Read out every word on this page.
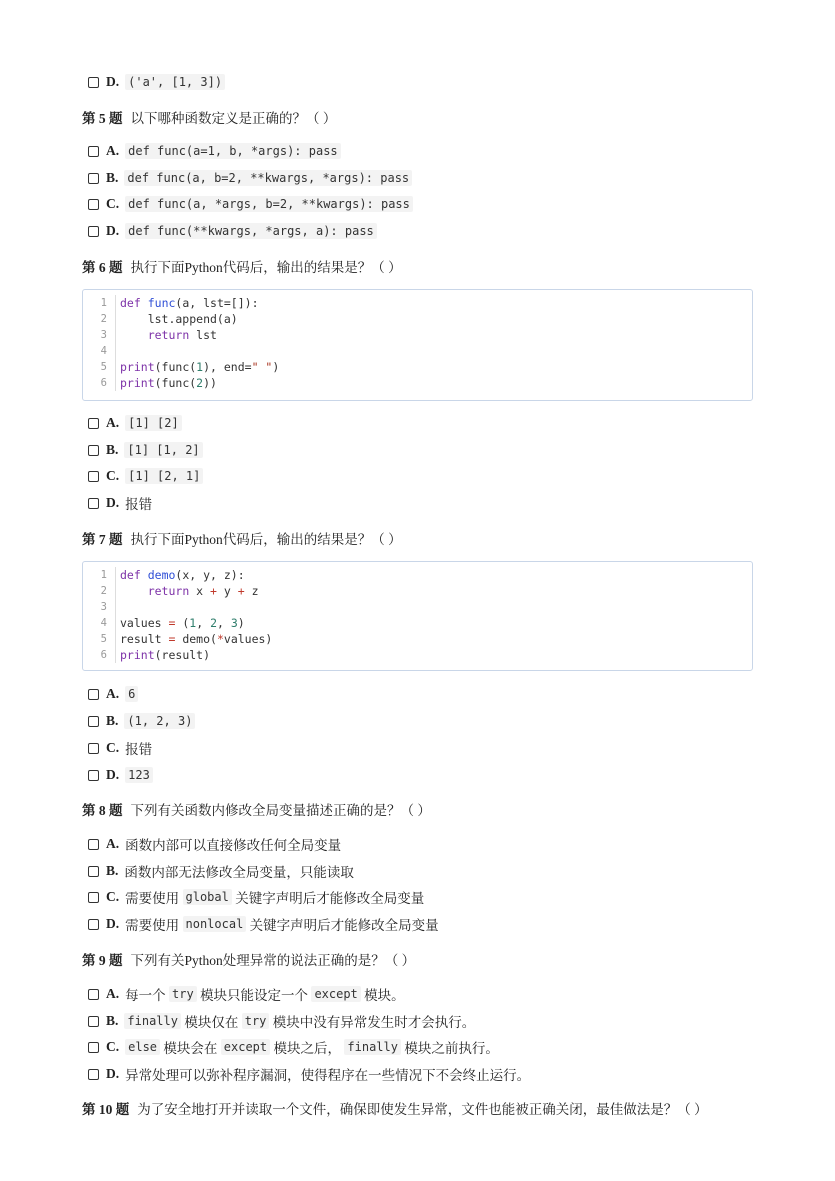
D. ('a', [1, 3])
第 5 题 以下哪种函数定义是正确的？（ ）
A. def func(a=1, b, *args): pass
B. def func(a, b=2, **kwargs, *args): pass
C. def func(a, *args, b=2, **kwargs): pass
D. def func(**kwargs, *args, a): pass
第 6 题 执行下面Python代码后，输出的结果是？（ ）
1	def func(a, lst=[]):
2	lst.append(a)
3	return lst
4
5	print(func(1), end=" ")
6	print(func(2))
A. [1] [2]
B. [1] [1, 2]
C. [1] [2, 1]
D. 报错
第 7 题 执行下面Python代码后，输出的结果是？（ ）
1	def demo(x, y, z):
2	return x + y + z
3
4	values = (1, 2, 3)
5	result = demo(*values)
6	print(result)
A. 6
B. (1, 2, 3)
C. 报错
D. 123
第 8 题 下列有关函数内修改全局变量描述正确的是？（ ）
A. 函数内部可以直接修改任何全局变量
B. 函数内部无法修改全局变量，只能读取
C. 需要使用 global 关键字声明后才能修改全局变量
D. 需要使用 nonlocal 关键字声明后才能修改全局变量
第 9 题 下列有关Python处理异常的说法正确的是？（ ）
A. 每一个 try 模块只能设定一个 except 模块。
B. finally 模块仅在 try 模块中没有异常发生时才会执行。
C. else 模块会在 except 模块之后， finally 模块之前执行。
D. 异常处理可以弥补程序漏洞，使得程序在一些情况下不会终止运行。
第 10 题 为了安全地打开并读取一个文件，确保即使发生异常，文件也能被正确关闭，最佳做法是？（ ）
